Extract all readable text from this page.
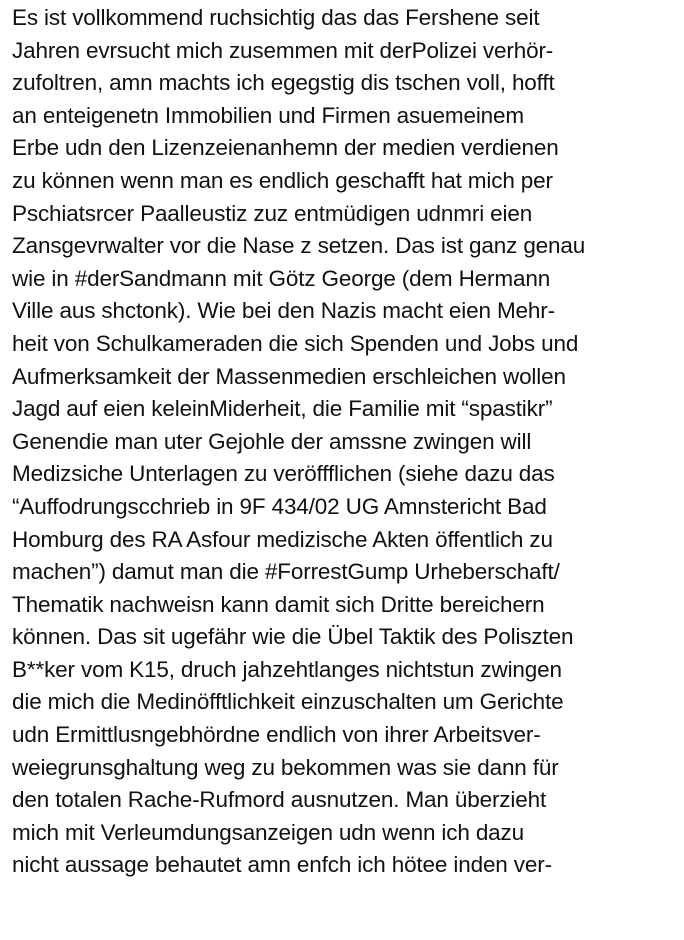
Es ist vollkommend ruchsichtig das das Fershene seit
Jahren evrsucht mich zusemmen mit derPolizei verhör-
zufoltren, amn machts ich egegstig dis tschen voll, hofft
an enteigenetn Immobilien und Firmen asuemeinem
Erbe udn den Lizenzeienanhemn der medien verdienen
zu können wenn man es endlich geschafft hat mich per
Pschiatsrcer Paalleustiz zuz entmüdigen udnmri eien
Zansgevrwalter vor die Nase z setzen. Das ist ganz genau
wie in #derSandmann mit Götz George (dem Hermann
Ville aus shctonk). Wie bei den Nazis macht eien Mehr-
heit von Schulkameraden die sich Spenden und Jobs und
Aufmerksamkeit der Massenmedien erschleichen wollen
Jagd auf eien keleinMiderheit, die Familie mit “spastikr”
Genendie man uter Gejohle der amssne zwingen will
Medizsiche Unterlagen zu veröffflichen (siehe dazu das
“Auffodrungscchrieb in 9F 434/02 UG Amnstericht Bad
Homburg des RA Asfour medizische Akten öffentlich zu
machen”) damut man die #ForrestGump Urheberschaft/
Thematik nachweisn kann damit sich Dritte bereichern
können. Das sit ugefähr wie die Übel Taktik des Poliszten
B**ker vom K15, druch jahzehtlanges nichtstun zwingen
die mich die Medinöfftlichkeit einzuschalten um Gerichte
udn Ermittlusngebhördne endlich von ihrer Arbeitsver-
weiegrunsghaltung weg zu bekommen was sie dann für
den totalen Rache-Rufmord ausnutzen. Man überzieht
mich mit Verleumdungsanzeigen udn wenn ich dazu
nicht aussage behautet amn enfch ich hötee inden ver-
